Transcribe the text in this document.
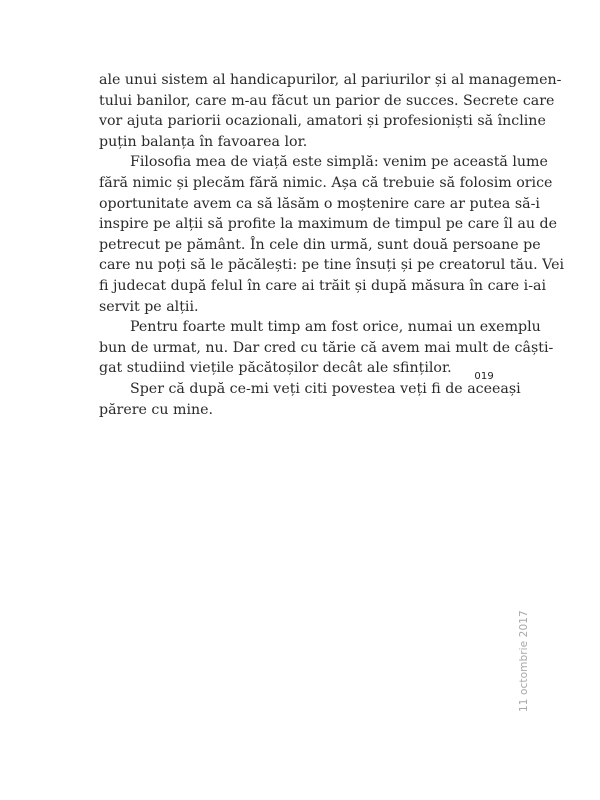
ale unui sistem al handicapurilor, al pariurilor și al managemen-
tului banilor, care m-au făcut un parior de succes. Secrete care
vor ajuta pariorii ocazionali, amatori și profesioniști să încline
puțin balanța în favoarea lor.
Filosofia mea de viață este simplă: venim pe această lume
fără nimic și plecăm fără nimic. Așa că trebuie să folosim orice
oportunitate avem ca să lăsăm o moștenire care ar putea să-i
inspire pe alții să profite la maximum de timpul pe care îl au de
petrecut pe pământ. În cele din urmă, sunt două persoane pe
care nu poți să le păcălești: pe tine însuți și pe creatorul tău. Vei
fi judecat după felul în care ai trăit și după măsura în care i-ai
servit pe alții.
Pentru foarte mult timp am fost orice, numai un exemplu
bun de urmat, nu. Dar cred cu tărie că avem mai mult de câști-
gat studiind viețile păcătoșilor decât ale sfinților.
Sper că după ce-mi veți citi povestea veți fi de aceeași
părere cu mine.
019
11 octombrie 2017
